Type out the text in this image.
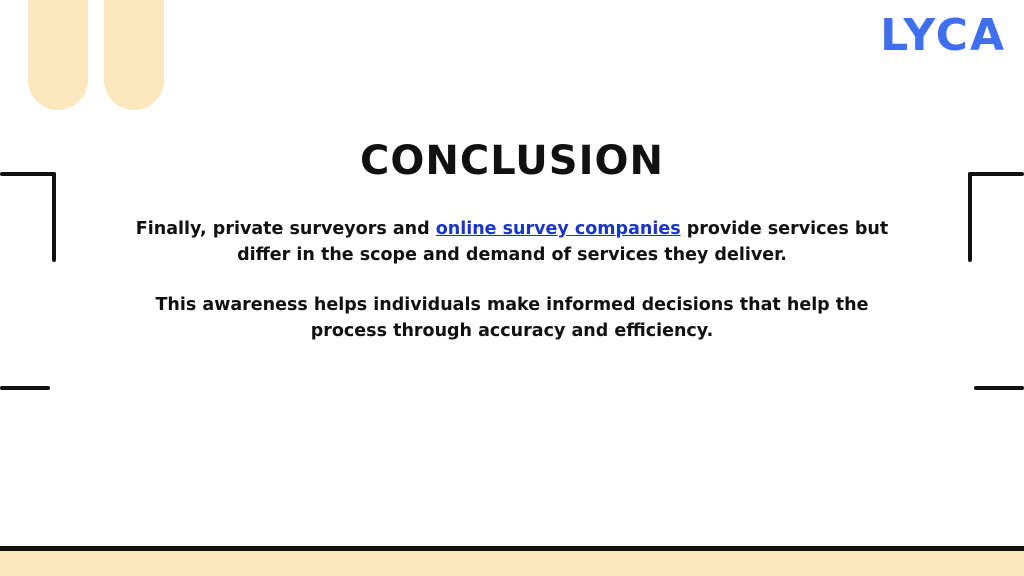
LYCA
CONCLUSION
Finally, private surveyors and online survey companies provide services but differ in the scope and demand of services they deliver.
This awareness helps individuals make informed decisions that help the process through accuracy and efficiency.
